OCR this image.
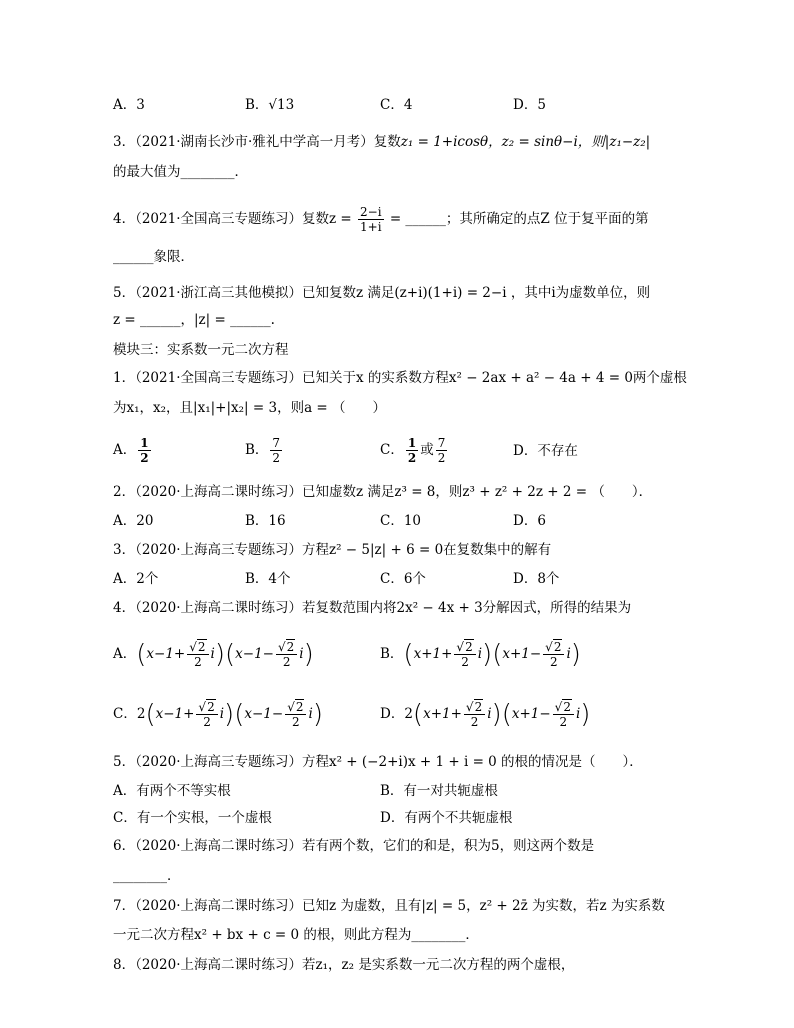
A．3	B．√13	C．4	D．5
3．（2021·湖南长沙市·雅礼中学高一月考）复数z₁ = 1+icosθ，z₂ = sinθ−i，则|z₁−z₂|
的最大值为________．
4．（2021·全国高三专题练习）复数$z = \frac{2-i}{1+i}$ = ______；其所确定的点Z 位于复平面的第
______象限．
5．（2021·浙江高三其他模拟）已知复数z 满足(z+i)(1+i) = 2−i ，其中i为虚数单位，则
z = ______，|z| = ______.
模块三：实系数一元二次方程
1．（2021·全国高三专题练习）已知关于x 的实系数方程x² − 2ax + a² − 4a + 4 = 0两个虚根
为x₁，x₂，且|x₁|+|x₂| = 3，则a = （　　）
A． $\frac{1}{2}$	B． $\frac{7}{2}$	C． $\frac{1}{2}$ 或 $\frac{7}{2}$	D．不存在
2．（2020·上海高二课时练习）已知虚数z 满足z³ = 8，则z³ + z² + 2z + 2 = （　　）．
A．20	B．16	C．10	D．6
3．（2020·上海高三专题练习）方程z² − 5|z| + 6 = 0在复数集中的解有
A．2个	B．4个	C．6个	D．8个
4．（2020·上海高二课时练习）若复数范围内将2x² − 4x + 3分解因式，所得的结果为
A．$(x-1+ \frac{√2}{2} i)(x-1- \frac{√2}{2} i)$	B．$(x+1+ \frac{√2}{2} i)(x+1- \frac{√2}{2} i)$
C．$2(x-1+ \frac{√2}{2} i)(x-1- \frac{√2}{2} i)$	D．$2(x+1+ \frac{√2}{2} i)(x+1- \frac{√2}{2} i)$
5．（2020·上海高三专题练习）方程x² + (−2+i)x + 1 + i = 0 的根的情况是（　　）．
A．有两个不等实根	B．有一对共轭虚根
C．有一个实根，一个虚根	D．有两个不共轭虚根
6．（2020·上海高二课时练习）若有两个数，它们的和是，积为5，则这两个数是
________．
7．（2020·上海高二课时练习）已知z 为虚数，且有|z| = 5，z² + 2z̄ 为实数，若z 为实系数
一元二次方程x² + bx + c = 0 的根，则此方程为________．
8．（2020·上海高二课时练习）若z₁，z₂ 是实系数一元二次方程的两个虚根，
